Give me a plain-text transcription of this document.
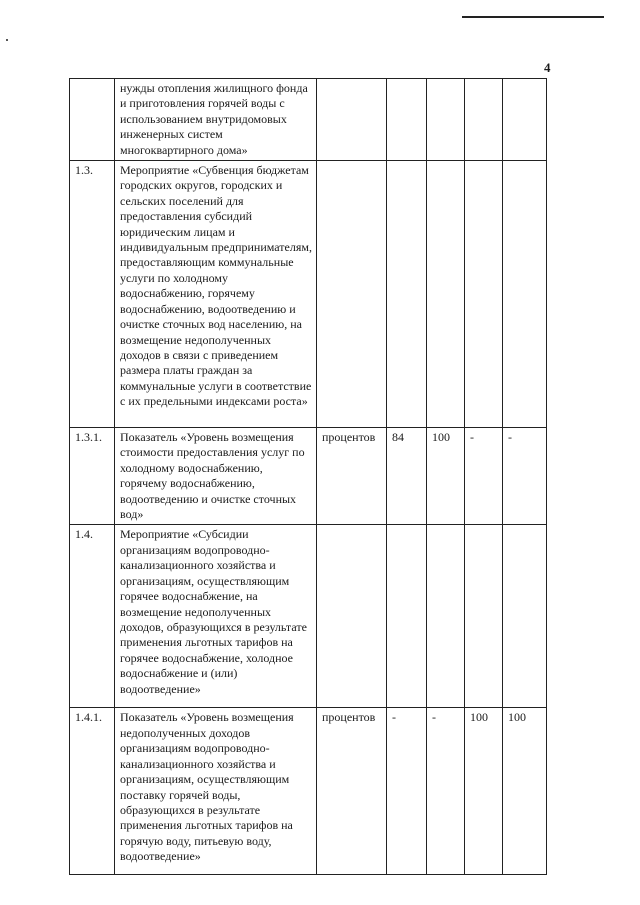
4
	нужды отопления жилищного фонда и приготовления горячей воды с использованием внутридомовых инженерных систем многоквартирного дома»					
1.3.	Мероприятие «Субвенция бюджетам городских округов, городских и сельских поселений для предоставления субсидий юридическим лицам и индивидуальным предпринимателям, предоставляющим коммунальные услуги по холодному водоснабжению, горячему водоснабжению, водоотведению и очистке сточных вод населению, на возмещение недополученных доходов в связи с приведением размера платы граждан за коммунальные услуги в соответствие с их предельными индексами роста»					
1.3.1.	Показатель «Уровень возмещения стоимости предоставления услуг по холодному водоснабжению, горячему водоснабжению, водоотведению и очистке сточных вод»	процентов	84	100	-	-
1.4.	Мероприятие «Субсидии организациям водопроводно-канализационного хозяйства и организациям, осуществляющим горячее водоснабжение, на возмещение недополученных доходов, образующихся в результате применения льготных тарифов на горячее водоснабжение, холодное водоснабжение и (или) водоотведение»					
1.4.1.	Показатель «Уровень возмещения недополученных доходов организациям водопроводно-канализационного хозяйства и организациям, осуществляющим поставку горячей воды, образующихся в результате применения льготных тарифов на горячую воду, питьевую воду, водоотведение»	процентов	-	-	100	100
